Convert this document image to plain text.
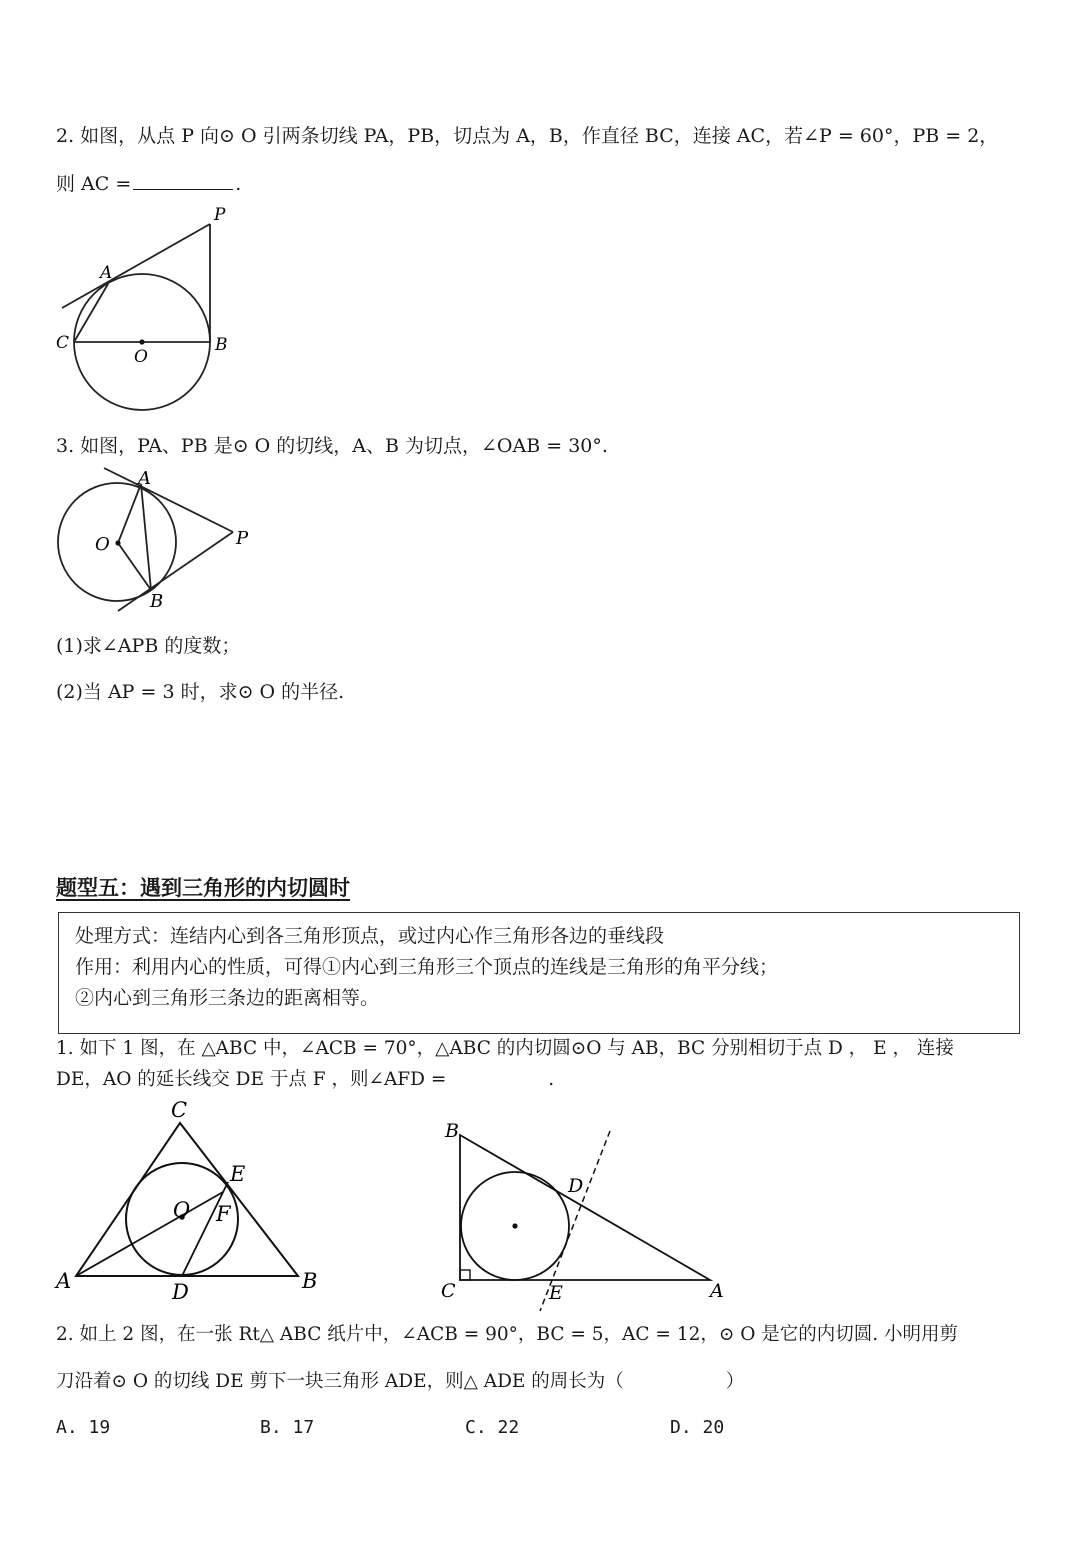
2. 如图，从点 P 向⊙ O 引两条切线 PA，PB，切点为 A，B，作直径 BC，连接 AC，若∠P = 60°，PB = 2，
则 AC =	.
P
A
C
O
B
3. 如图，PA、PB 是⊙ O 的切线，A、B 为切点，∠OAB = 30°.
A
O	P
B
(1)求∠APB 的度数；
(2)当 AP = 3 时，求⊙ O 的半径.
题型五：遇到三角形的内切圆时
处理方式：连结内心到各三角形顶点，或过内心作三角形各边的垂线段
作用：利用内心的性质，可得①内心到三角形三个顶点的连线是三角形的角平分线；
②内心到三角形三条边的距离相等。
1. 如下 1 图，在 △ABC 中，∠ACB = 70°，△ABC 的内切圆⊙O 与 AB，BC 分别相切于点 D ， E ， 连接
DE，AO 的延长线交 DE 于点 F ，则∠AFD =	.
C
E
O F
A	D	B
B
D
C	E	A
2. 如上 2 图，在一张 Rt△ ABC 纸片中，∠ACB = 90°，BC = 5，AC = 12，⊙ O 是它的内切圆. 小明用剪
刀沿着⊙ O 的切线 DE 剪下一块三角形 ADE，则△ ADE 的周长为（	）
A. 19	B. 17	C. 22	D. 20
